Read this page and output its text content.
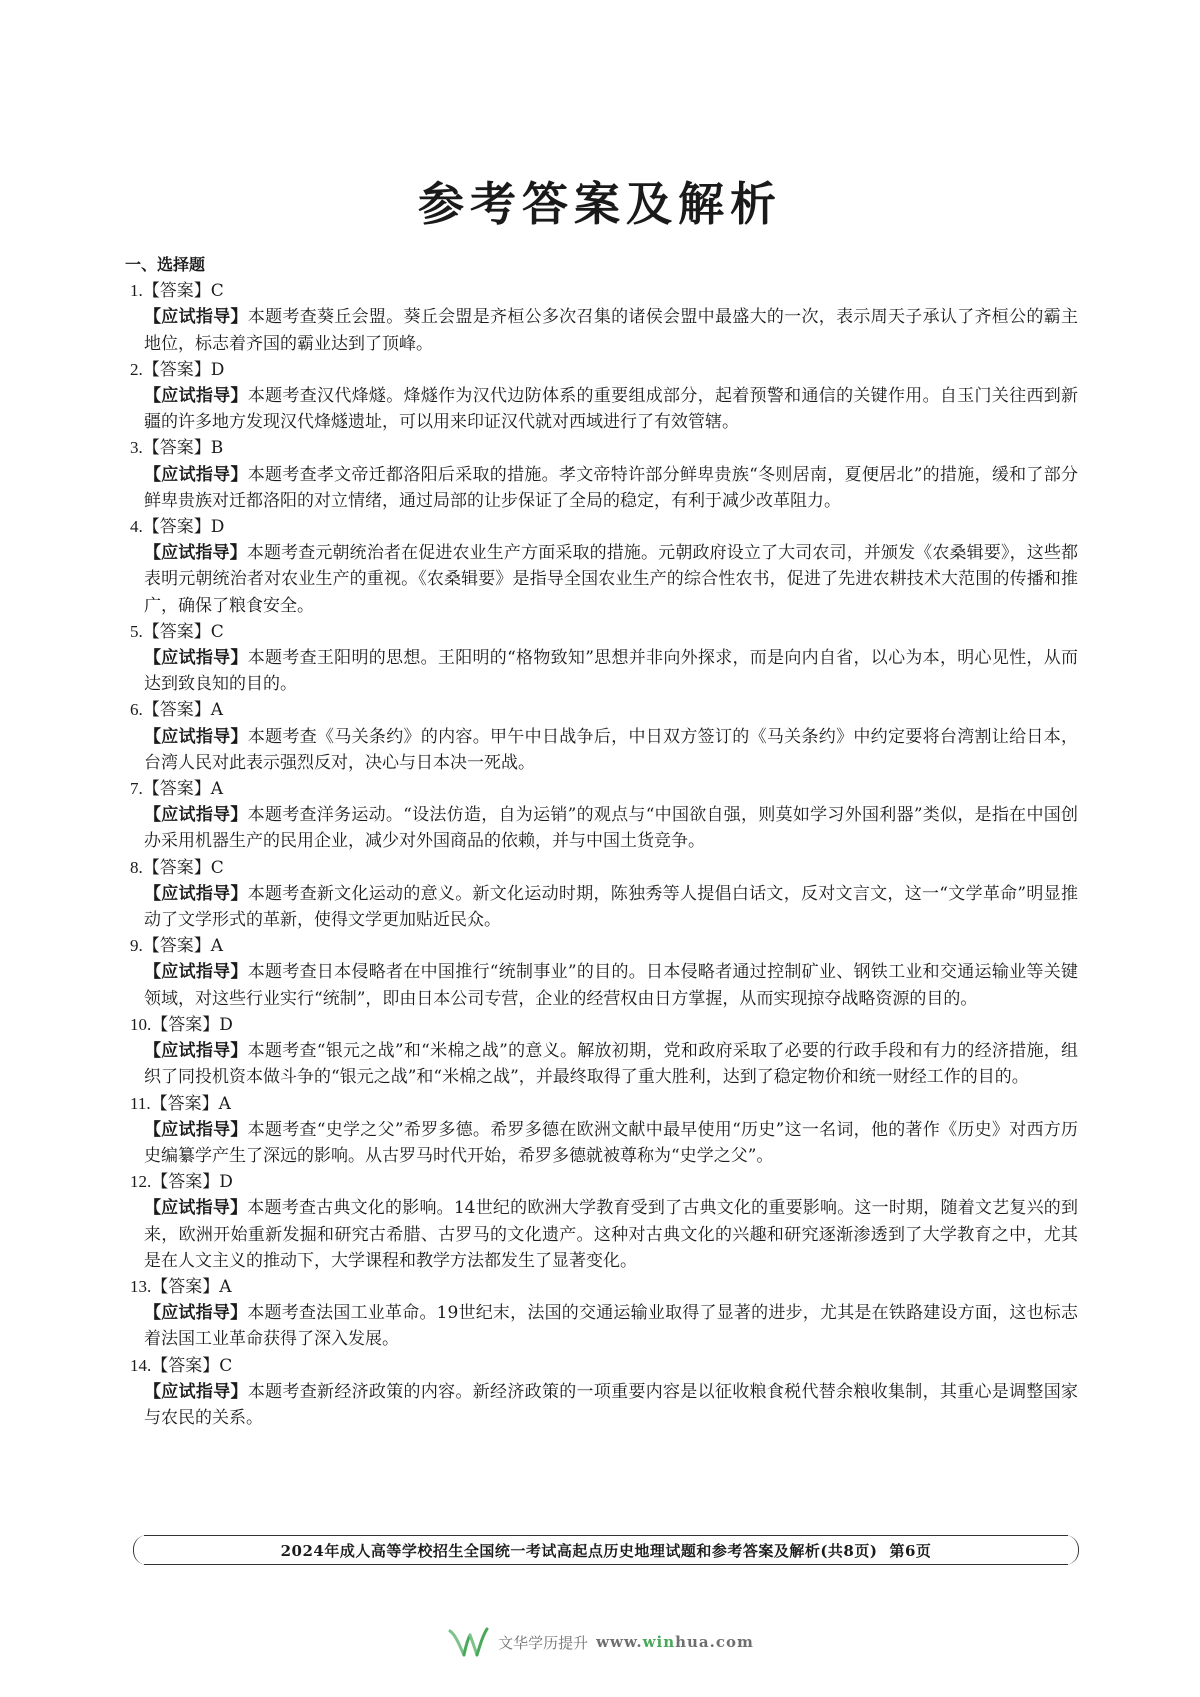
参考答案及解析
一、选择题
1.【答案】C
【应试指导】本题考查葵丘会盟。葵丘会盟是齐桓公多次召集的诸侯会盟中最盛大的一次，表示周天子承认了齐桓公的霸主地位，标志着齐国的霸业达到了顶峰。
2.【答案】D
【应试指导】本题考查汉代烽燧。烽燧作为汉代边防体系的重要组成部分，起着预警和通信的关键作用。自玉门关往西到新疆的许多地方发现汉代烽燧遗址，可以用来印证汉代就对西域进行了有效管辖。
3.【答案】B
【应试指导】本题考查孝文帝迁都洛阳后采取的措施。孝文帝特许部分鲜卑贵族“冬则居南，夏便居北”的措施，缓和了部分鲜卑贵族对迁都洛阳的对立情绪，通过局部的让步保证了全局的稳定，有利于减少改革阻力。
4.【答案】D
【应试指导】本题考查元朝统治者在促进农业生产方面采取的措施。元朝政府设立了大司农司，并颁发《农桑辑要》，这些都表明元朝统治者对农业生产的重视。《农桑辑要》是指导全国农业生产的综合性农书，促进了先进农耕技术大范围的传播和推广，确保了粮食安全。
5.【答案】C
【应试指导】本题考查王阳明的思想。王阳明的“格物致知”思想并非向外探求，而是向内自省，以心为本，明心见性，从而达到致良知的目的。
6.【答案】A
【应试指导】本题考查《马关条约》的内容。甲午中日战争后，中日双方签订的《马关条约》中约定要将台湾割让给日本，台湾人民对此表示强烈反对，决心与日本决一死战。
7.【答案】A
【应试指导】本题考查洋务运动。“设法仿造，自为运销”的观点与“中国欲自强，则莫如学习外国利器”类似，是指在中国创办采用机器生产的民用企业，减少对外国商品的依赖，并与中国土货竞争。
8.【答案】C
【应试指导】本题考查新文化运动的意义。新文化运动时期，陈独秀等人提倡白话文，反对文言文，这一“文学革命”明显推动了文学形式的革新，使得文学更加贴近民众。
9.【答案】A
【应试指导】本题考查日本侵略者在中国推行“统制事业”的目的。日本侵略者通过控制矿业、钢铁工业和交通运输业等关键领域，对这些行业实行“统制”，即由日本公司专营，企业的经营权由日方掌握，从而实现掠夺战略资源的目的。
10.【答案】D
【应试指导】本题考查“银元之战”和“米棉之战”的意义。解放初期，党和政府采取了必要的行政手段和有力的经济措施，组织了同投机资本做斗争的“银元之战”和“米棉之战”，并最终取得了重大胜利，达到了稳定物价和统一财经工作的目的。
11.【答案】A
【应试指导】本题考查“史学之父”希罗多德。希罗多德在欧洲文献中最早使用“历史”这一名词，他的著作《历史》对西方历史编纂学产生了深远的影响。从古罗马时代开始，希罗多德就被尊称为“史学之父”。
12.【答案】D
【应试指导】本题考查古典文化的影响。14世纪的欧洲大学教育受到了古典文化的重要影响。这一时期，随着文艺复兴的到来，欧洲开始重新发掘和研究古希腊、古罗马的文化遗产。这种对古典文化的兴趣和研究逐渐渗透到了大学教育之中，尤其是在人文主义的推动下，大学课程和教学方法都发生了显著变化。
13.【答案】A
【应试指导】本题考查法国工业革命。19世纪末，法国的交通运输业取得了显著的进步，尤其是在铁路建设方面，这也标志着法国工业革命获得了深入发展。
14.【答案】C
【应试指导】本题考查新经济政策的内容。新经济政策的一项重要内容是以征收粮食税代替余粮收集制，其重心是调整国家与农民的关系。
2024年成人高等学校招生全国统一考试高起点历史地理试题和参考答案及解析(共8页) 第6页
文华学历提升 www.winhua.com
